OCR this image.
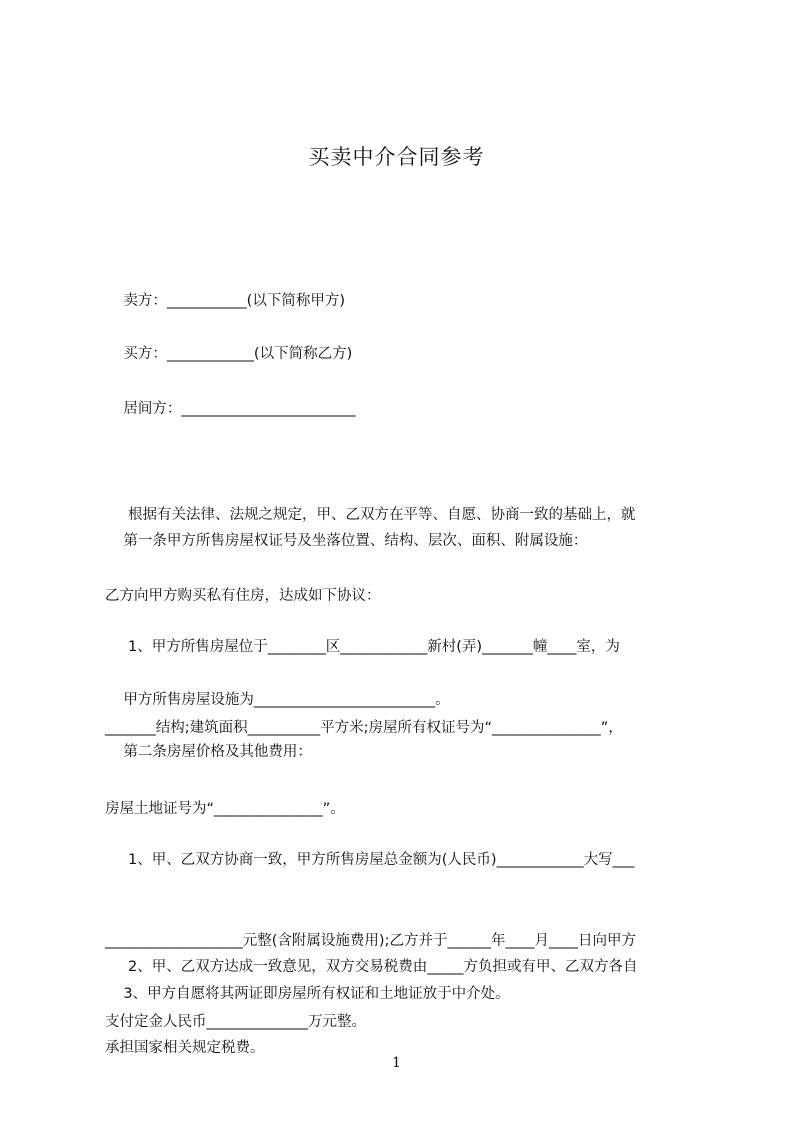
买卖中介合同参考
卖方：___________(以下简称甲方)
买方：____________(以下简称乙方)
居间方：________________________

根据有关法律、法规之规定，甲、乙双方在平等、自愿、协商一致的基础上，就

乙方向甲方购买私有住房，达成如下协议：

第一条甲方所售房屋权证号及坐落位置、结构、层次、面积、附属设施：

1、甲方所售房屋位于________区____________新村(弄)_______幢____室，为

_______结构;建筑面积__________平方米;房屋所有权证号为“_______________”，

房屋土地证号为“_______________”。

甲方所售房屋设施为_________________________。
第二条房屋价格及其他费用：

1、甲、乙双方协商一致，甲方所售房屋总金额为(人民币)____________大写___

___________________元整(含附属设施费用);乙方并于______年____月____日向甲方

支付定金人民币______________万元整。

2、甲、乙双方达成一致意见，双方交易税费由_____方负担或有甲、乙双方各自

承担国家相关规定税费。

3、甲方自愿将其两证即房屋所有权证和土地证放于中介处。
1
